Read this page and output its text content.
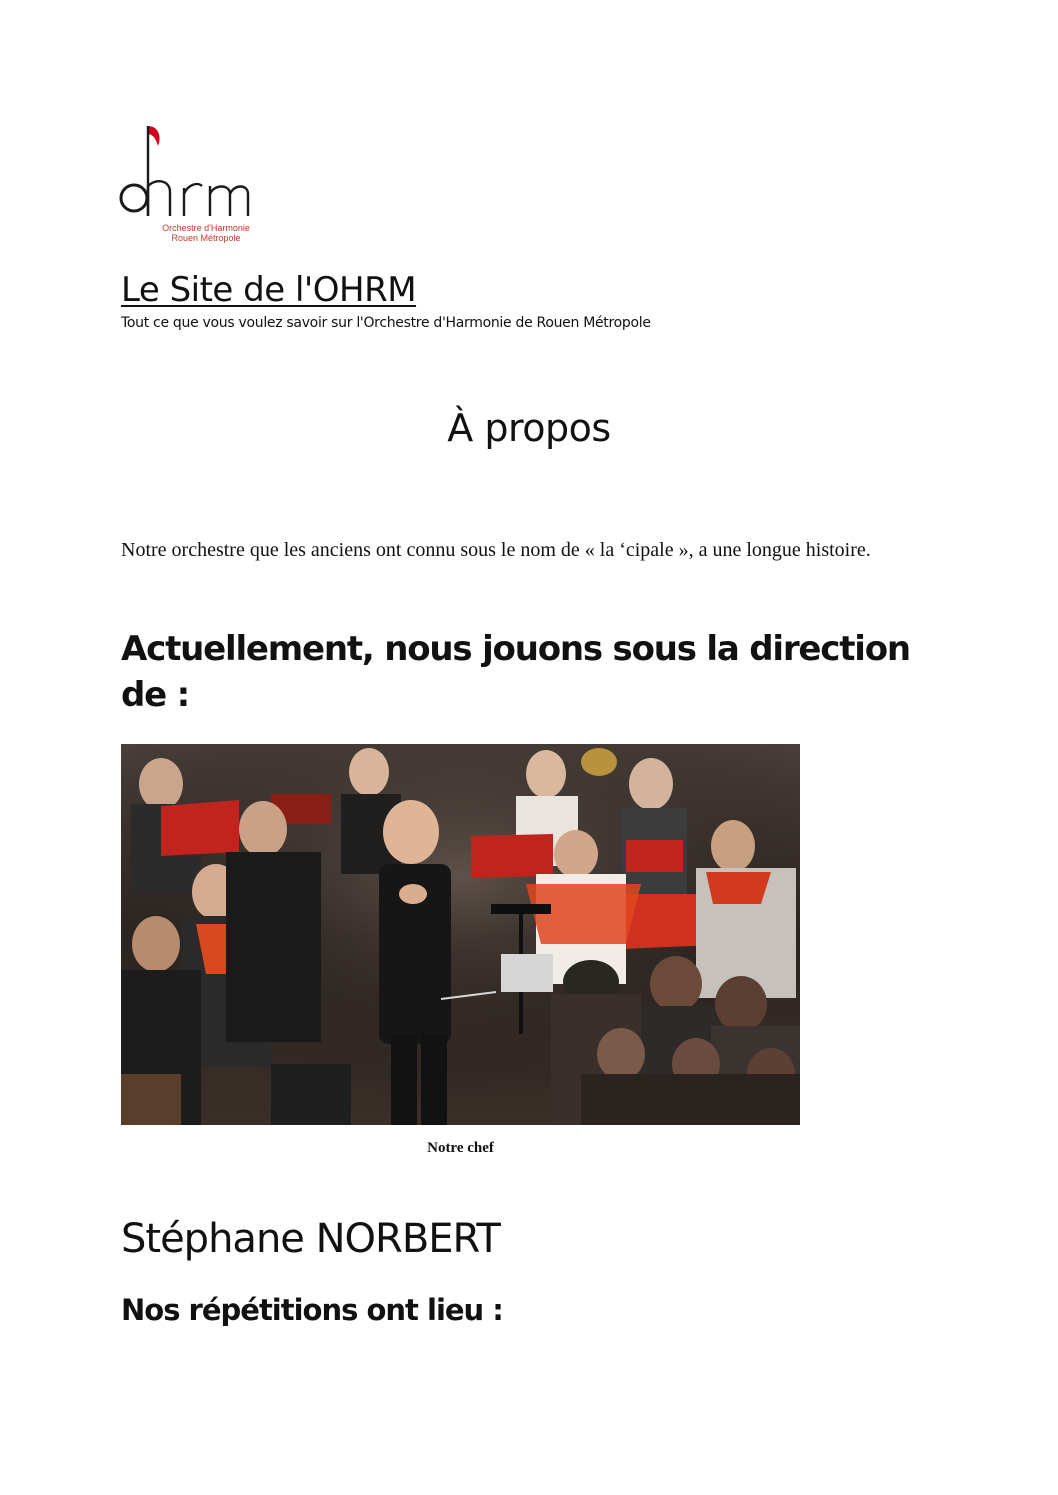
Orchestre d'Harmonie
Rouen Métropole
Le Site de l'OHRM
Tout ce que vous voulez savoir sur l'Orchestre d'Harmonie de Rouen Métropole
À propos

Notre orchestre que les anciens ont connu sous le nom de « la ‘cipale », a une longue histoire.

Actuellement, nous jouons sous la direction de :
Notre chef
Stéphane NORBERT
Nos répétitions ont lieu :
